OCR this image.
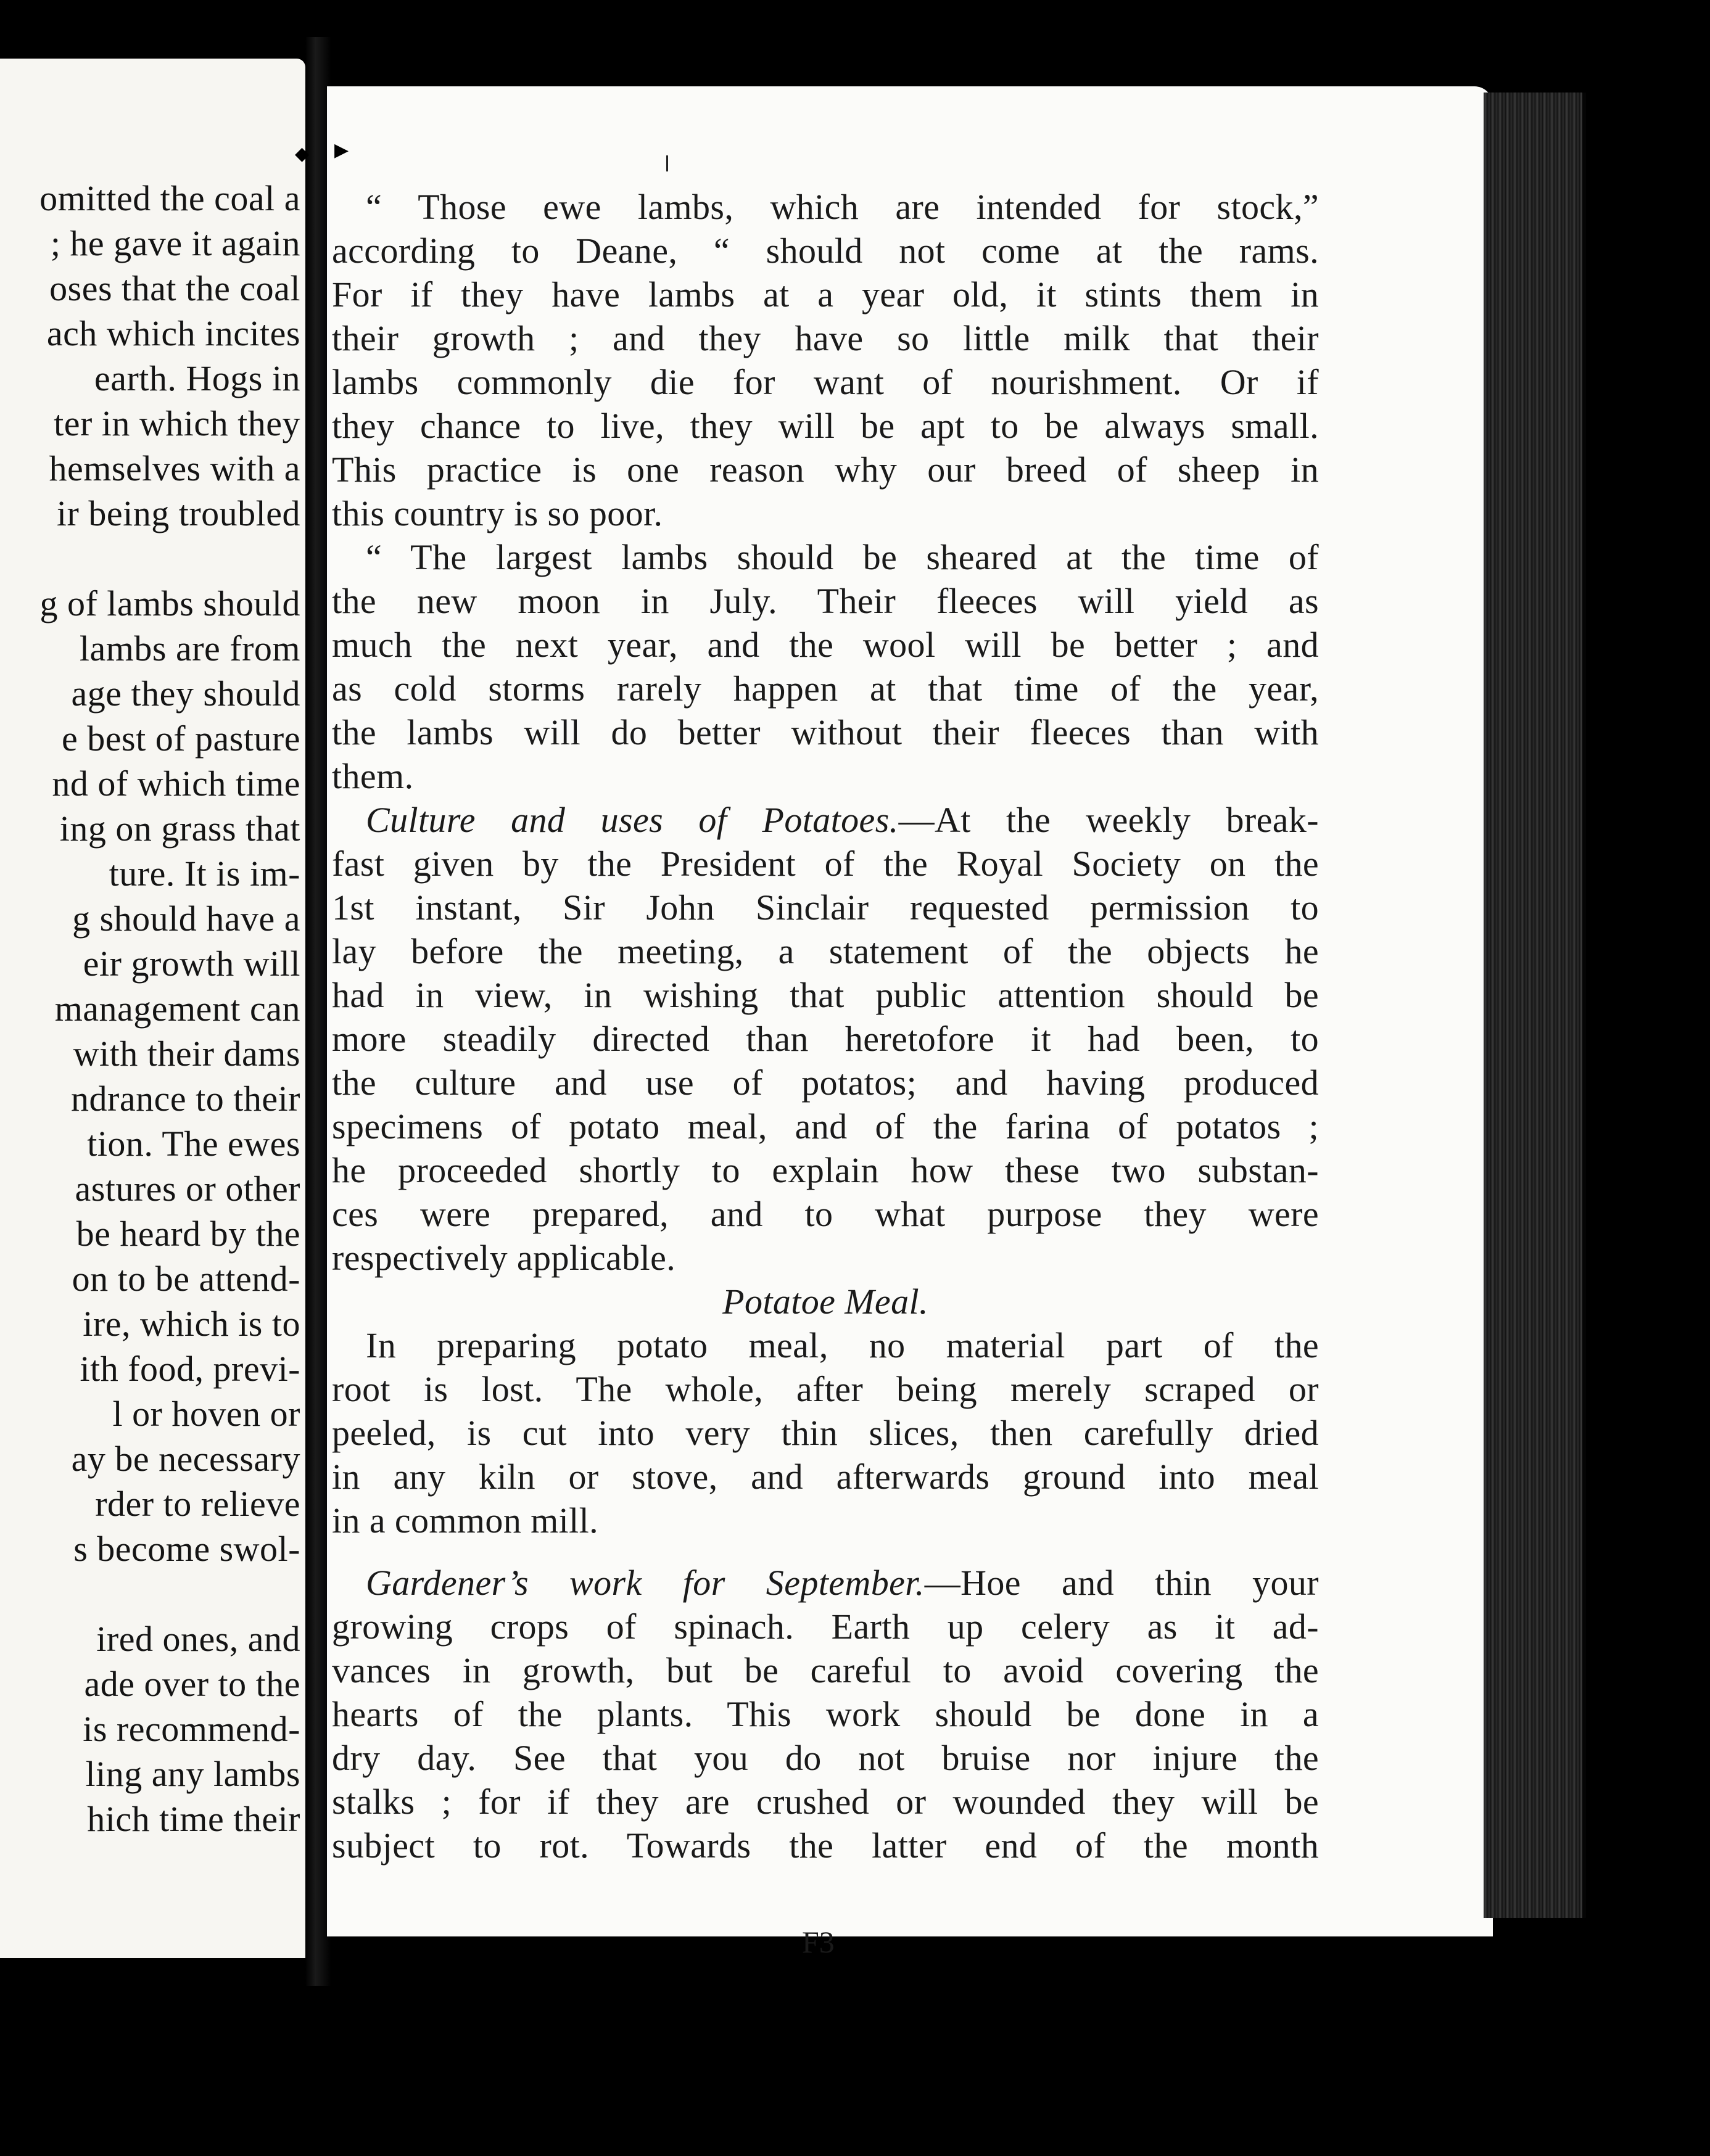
omitted the coal a
; he gave it again
oses that the coal
ach which incites
earth. Hogs in
ter in which they
hemselves with a
ir being troubled
g of lambs should
lambs are from
age they should
e best of pasture
nd of which time
ing on grass that
ture. It is im-
g should have a
eir growth will
management can
with their dams
ndrance to their
tion. The ewes
astures or other
be heard by the
on to be attend-
ire, which is to
ith food, previ-
l or hoven or
ay be necessary
rder to relieve
s become swol-
ired ones, and
ade over to the
is recommend-
ling any lambs
hich time their
◆ ▶
“ Those ewe lambs, which are intended for stock,”
according to Deane, “ should not come at the rams.
For if they have lambs at a year old, it stints them in
their growth ; and they have so little milk that their
lambs commonly die for want of nourishment. Or if
they chance to live, they will be apt to be always small.
This practice is one reason why our breed of sheep in
this country is so poor.
“ The largest lambs should be sheared at the time of
the new moon in July. Their fleeces will yield as
much the next year, and the wool will be better ; and
as cold storms rarely happen at that time of the year,
the lambs will do better without their fleeces than with
them.
Culture and uses of Potatoes.—At the weekly break-
fast given by the President of the Royal Society on the
1st instant, Sir John Sinclair requested permission to
lay before the meeting, a statement of the objects he
had in view, in wishing that public attention should be
more steadily directed than heretofore it had been, to
the culture and use of potatos; and having produced
specimens of potato meal, and of the farina of potatos ;
he proceeded shortly to explain how these two substan-
ces were prepared, and to what purpose they were
respectively applicable.
Potatoe Meal.
In preparing potato meal, no material part of the
root is lost. The whole, after being merely scraped or
peeled, is cut into very thin slices, then carefully dried
in any kiln or stove, and afterwards ground into meal
in a common mill.
Gardener’s work for September.—Hoe and thin your
growing crops of spinach. Earth up celery as it ad-
vances in growth, but be careful to avoid covering the
hearts of the plants. This work should be done in a
dry day. See that you do not bruise nor injure the
stalks ; for if they are crushed or wounded they will be
subject to rot. Towards the latter end of the month
F3
